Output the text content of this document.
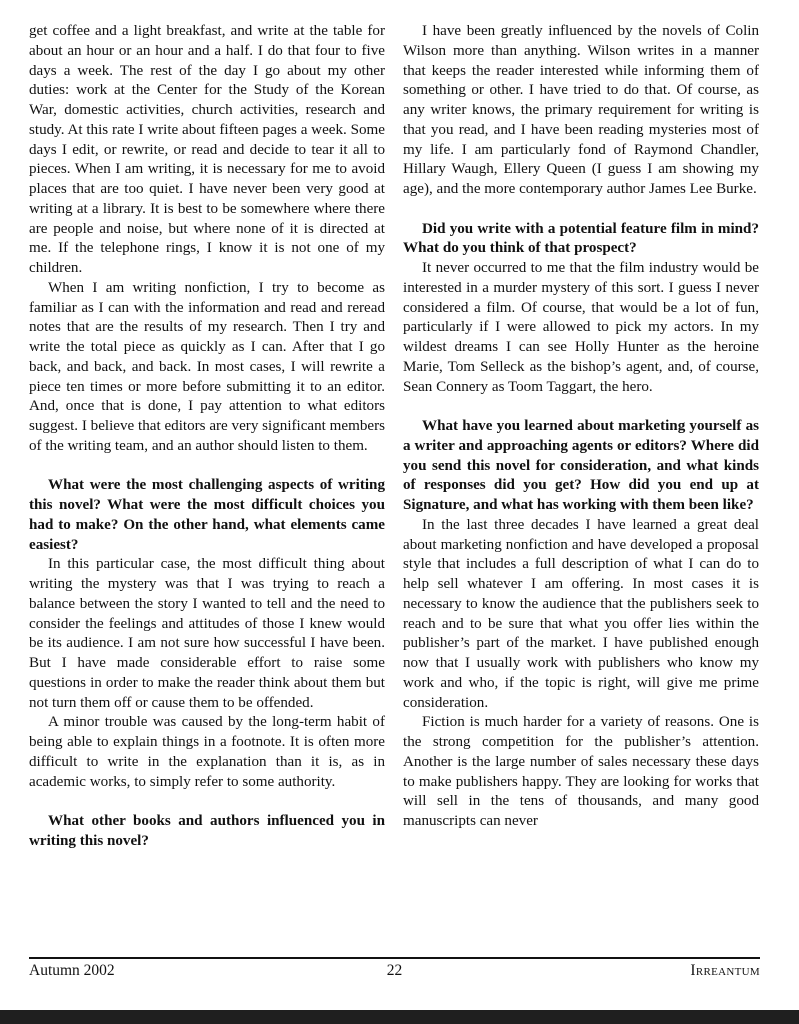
get coffee and a light breakfast, and write at the table for about an hour or an hour and a half. I do that four to five days a week. The rest of the day I go about my other duties: work at the Center for the Study of the Korean War, domestic activities, church activities, research and study. At this rate I write about fifteen pages a week. Some days I edit, or rewrite, or read and decide to tear it all to pieces. When I am writing, it is necessary for me to avoid places that are too quiet. I have never been very good at writing at a library. It is best to be somewhere where there are people and noise, but where none of it is directed at me. If the telephone rings, I know it is not one of my children.

When I am writing nonfiction, I try to become as familiar as I can with the information and read and reread notes that are the results of my research. Then I try and write the total piece as quickly as I can. After that I go back, and back, and back. In most cases, I will rewrite a piece ten times or more before submitting it to an editor. And, once that is done, I pay attention to what editors suggest. I believe that editors are very significant members of the writing team, and an author should listen to them.

What were the most challenging aspects of writing this novel? What were the most difficult choices you had to make? On the other hand, what elements came easiest?

In this particular case, the most difficult thing about writing the mystery was that I was trying to reach a balance between the story I wanted to tell and the need to consider the feelings and attitudes of those I knew would be its audience. I am not sure how successful I have been. But I have made considerable effort to raise some questions in order to make the reader think about them but not turn them off or cause them to be offended.

A minor trouble was caused by the long-term habit of being able to explain things in a footnote. It is often more difficult to write in the explanation than it is, as in academic works, to simply refer to some authority.

What other books and authors influenced you in writing this novel?

I have been greatly influenced by the novels of Colin Wilson more than anything. Wilson writes in a manner that keeps the reader interested while informing them of something or other. I have tried to do that. Of course, as any writer knows, the primary requirement for writing is that you read, and I have been reading mysteries most of my life. I am particularly fond of Raymond Chandler, Hillary Waugh, Ellery Queen (I guess I am showing my age), and the more contemporary author James Lee Burke.

Did you write with a potential feature film in mind? What do you think of that prospect?

It never occurred to me that the film industry would be interested in a murder mystery of this sort. I guess I never considered a film. Of course, that would be a lot of fun, particularly if I were allowed to pick my actors. In my wildest dreams I can see Holly Hunter as the heroine Marie, Tom Selleck as the bishop’s agent, and, of course, Sean Connery as Toom Taggart, the hero.

What have you learned about marketing yourself as a writer and approaching agents or editors? Where did you send this novel for consideration, and what kinds of responses did you get? How did you end up at Signature, and what has working with them been like?

In the last three decades I have learned a great deal about marketing nonfiction and have developed a proposal style that includes a full description of what I can do to help sell whatever I am offering. In most cases it is necessary to know the audience that the publishers seek to reach and to be sure that what you offer lies within the publisher’s part of the market. I have published enough now that I usually work with publishers who know my work and who, if the topic is right, will give me prime consideration.

Fiction is much harder for a variety of reasons. One is the strong competition for the publisher’s attention. Another is the large number of sales necessary these days to make publishers happy. They are looking for works that will sell in the tens of thousands, and many good manuscripts can never

Autumn 2002	22	Irreantum
